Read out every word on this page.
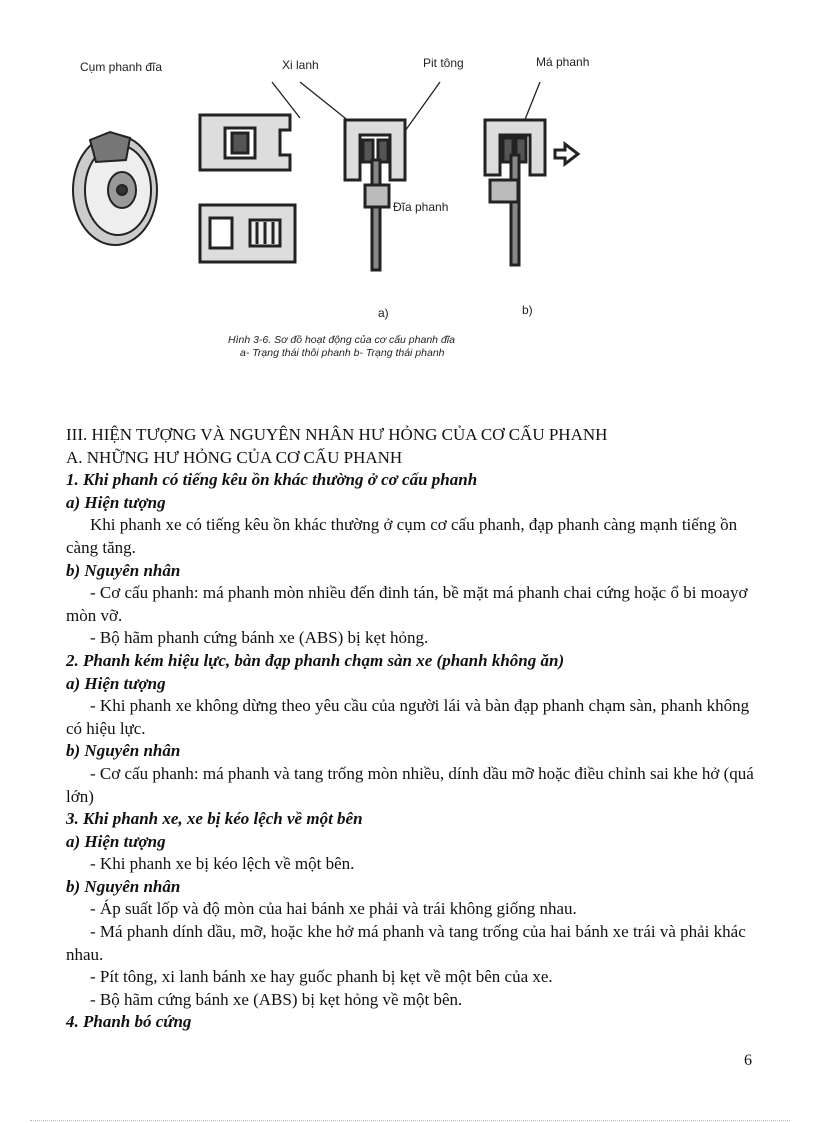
Cụm phanh đĩa	Xi lanh	Pit tông	Má phanh
Đĩa phanh
a)	b)
Hình 3-6. Sơ đồ hoạt động của cơ cấu phanh đĩa
a- Trạng thái thôi phanh b- Trạng thái phanh

III. HIỆN TƯỢNG VÀ NGUYÊN NHÂN HƯ HỎNG CỦA CƠ CẤU PHANH

A. NHỮNG HƯ HỎNG CỦA CƠ CẤU PHANH

1. Khi phanh có tiếng kêu ồn khác thường ở cơ cấu phanh

a) Hiện tượng

Khi phanh xe có tiếng kêu ồn khác thường ở cụm cơ cấu phanh, đạp phanh càng mạnh tiếng ồn càng tăng.

b) Nguyên nhân

- Cơ cấu phanh: má phanh mòn nhiều đến đinh tán, bề mặt má phanh chai cứng hoặc ổ bi moayơ mòn vỡ.

- Bộ hãm phanh cứng bánh xe (ABS) bị kẹt hỏng.

2. Phanh kém hiệu lực, bàn đạp phanh chạm sàn xe (phanh không ăn)

a) Hiện tượng

- Khi phanh xe không dừng theo yêu cầu của người lái và bàn đạp phanh chạm sàn, phanh không có hiệu lực.

b) Nguyên nhân

- Cơ cấu phanh: má phanh và tang trống mòn nhiều, dính dầu mỡ hoặc điều chỉnh sai khe hở (quá lớn)

3. Khi phanh xe, xe bị kéo lệch về một bên

a) Hiện tượng

- Khi phanh xe bị kéo lệch về một bên.

b) Nguyên nhân

- Áp suất lốp và độ mòn của hai bánh xe phải và trái không giống nhau.

- Má phanh dính dầu, mỡ, hoặc khe hở má phanh và tang trống của hai bánh xe trái và phải khác nhau.

- Pít tông, xi lanh bánh xe hay guốc phanh bị kẹt về một bên của xe.

- Bộ hãm cứng bánh xe (ABS) bị kẹt hỏng về một bên.

4. Phanh bó cứng

6
